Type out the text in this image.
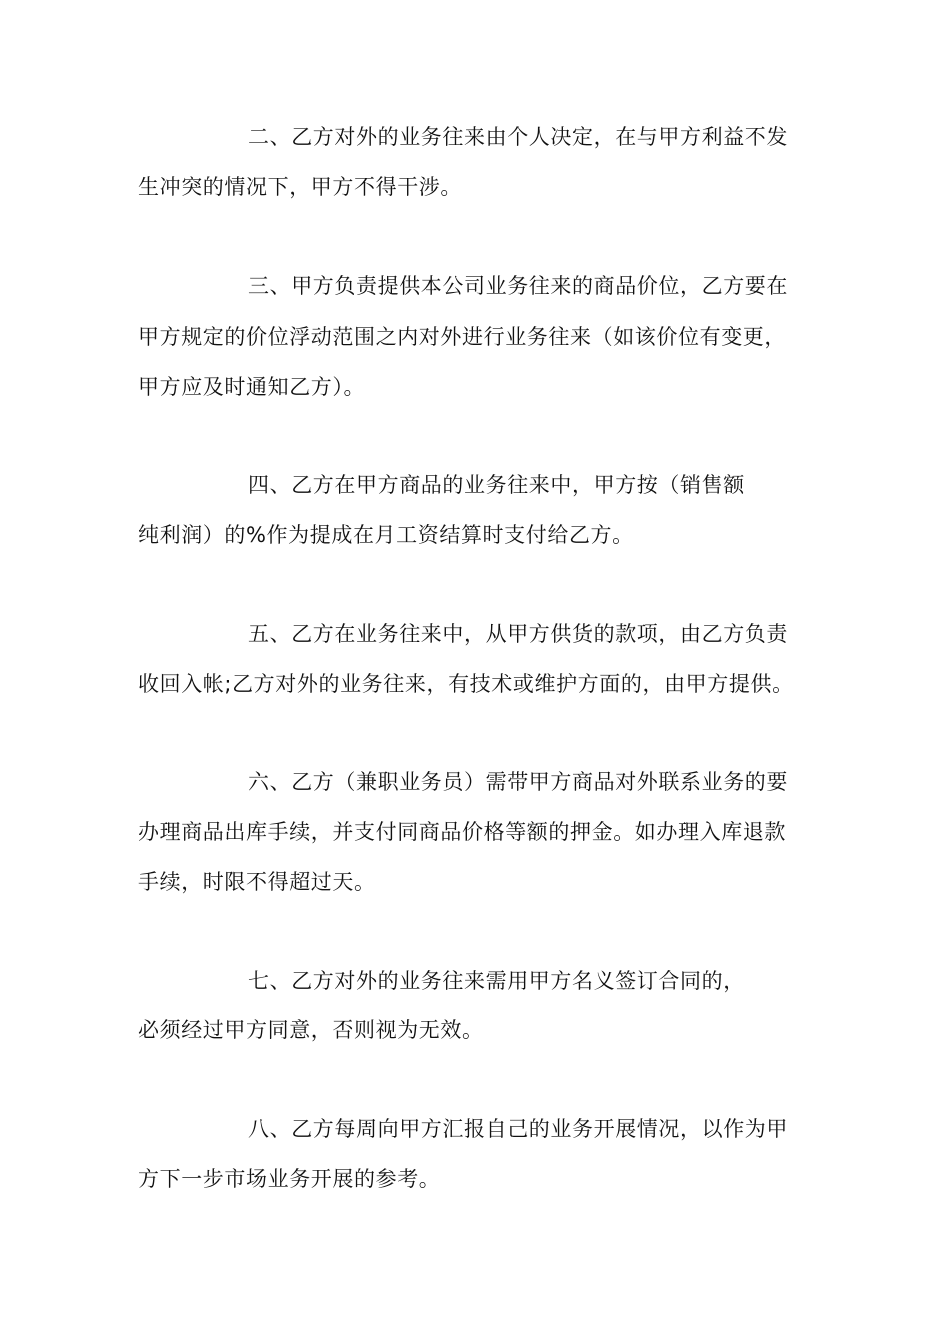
二、乙方对外的业务往来由个人决定，在与甲方利益不发
生冲突的情况下，甲方不得干涉。
三、甲方负责提供本公司业务往来的商品价位，乙方要在
甲方规定的价位浮动范围之内对外进行业务往来（如该价位有变更，
甲方应及时通知乙方）。
四、乙方在甲方商品的业务往来中，甲方按（销售额
纯利润）的%作为提成在月工资结算时支付给乙方。
五、乙方在业务往来中，从甲方供货的款项，由乙方负责
收回入帐;乙方对外的业务往来，有技术或维护方面的，由甲方提供。
六、乙方（兼职业务员）需带甲方商品对外联系业务的要
办理商品出库手续，并支付同商品价格等额的押金。如办理入库退款
手续，时限不得超过天。
七、乙方对外的业务往来需用甲方名义签订合同的，
必须经过甲方同意，否则视为无效。
八、乙方每周向甲方汇报自己的业务开展情况，以作为甲
方下一步市场业务开展的参考。
